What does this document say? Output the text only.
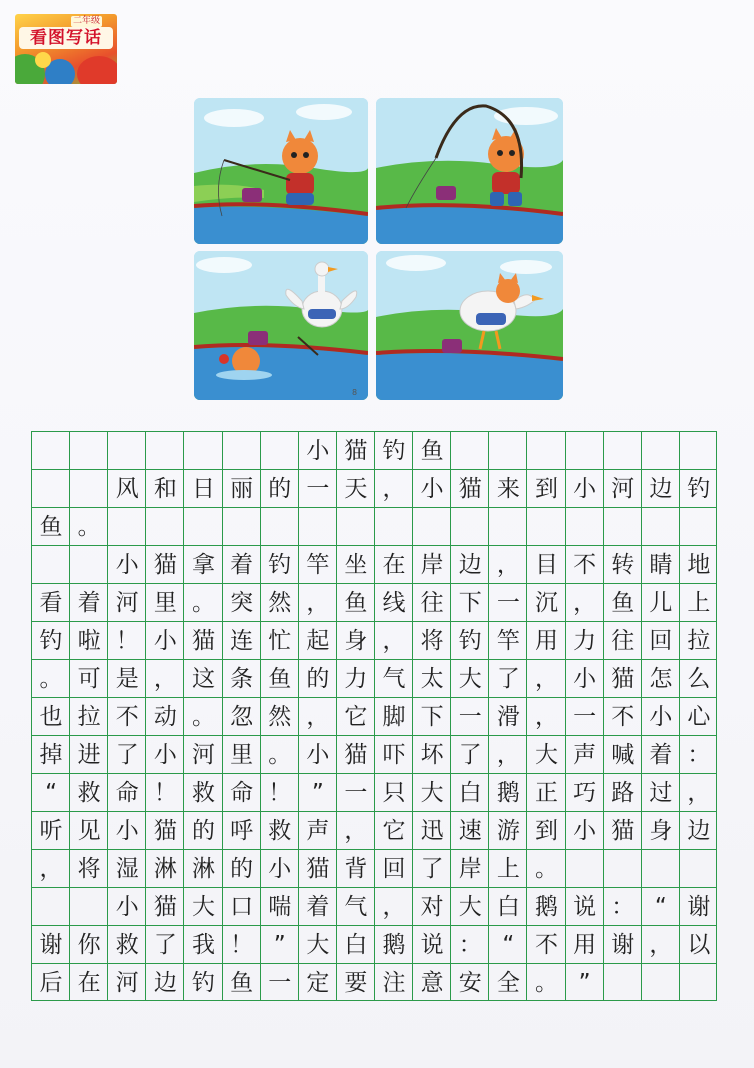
二年级
看图写话
8
小 猫 钓 鱼
风 和 日 丽 的 一 天 ， 小 猫 来 到 小 河 边 钓
鱼 。
小 猫 拿 着 钓 竿 坐 在 岸 边 ， 目 不 转 睛 地
看 着 河 里 。 突 然 ， 鱼 线 往 下 一 沉 ， 鱼 儿 上
钓 啦 ！ 小 猫 连 忙 起 身 ， 将 钓 竿 用 力 往 回 拉
。 可 是 ， 这 条 鱼 的 力 气 太 大 了 ， 小 猫 怎 么
也 拉 不 动 。 忽 然 ， 它 脚 下 一 滑 ， 一 不 小 心
掉 进 了 小 河 里 。 小 猫 吓 坏 了 ， 大 声 喊 着 ：
“ 救 命 ！ 救 命 ！ ” 一 只 大 白 鹅 正 巧 路 过 ，
听 见 小 猫 的 呼 救 声 ， 它 迅 速 游 到 小 猫 身 边
， 将 湿 淋 淋 的 小 猫 背 回 了 岸 上 。
小 猫 大 口 喘 着 气 ， 对 大 白 鹅 说 ： “ 谢
谢 你 救 了 我 ！ ” 大 白 鹅 说 ： “ 不 用 谢 ， 以
后 在 河 边 钓 鱼 一 定 要 注 意 安 全 。 ”
